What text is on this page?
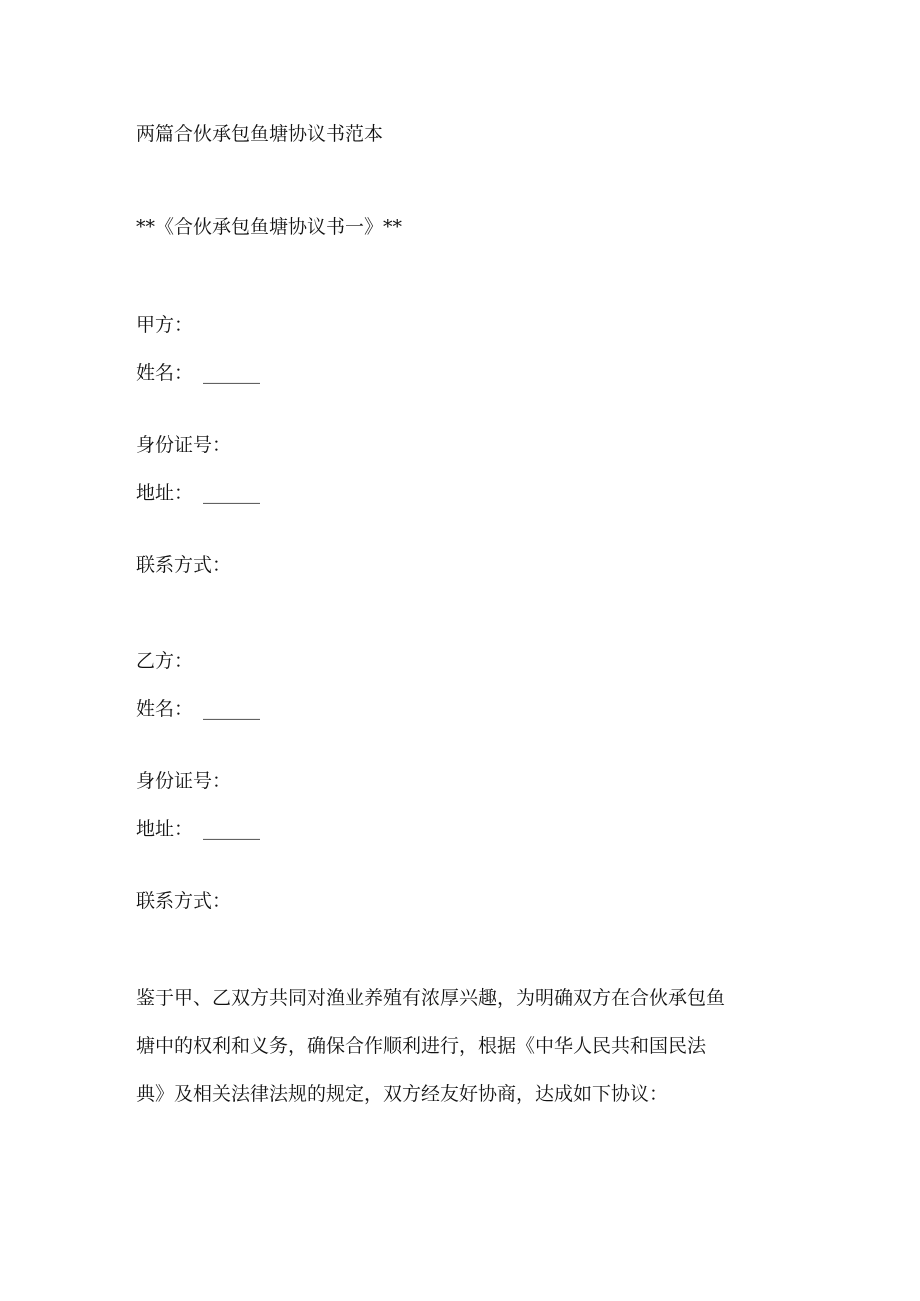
两篇合伙承包鱼塘协议书范本
**《合伙承包鱼塘协议书一》**

甲方：

姓名： ______

身份证号：

地址： ______

联系方式：

乙方：

姓名： ______

身份证号：

地址： ______

联系方式：

鉴于甲、乙双方共同对渔业养殖有浓厚兴趣，为明确双方在合伙承包鱼

塘中的权利和义务，确保合作顺利进行，根据《中华人民共和国民法

典》及相关法律法规的规定，双方经友好协商，达成如下协议：
